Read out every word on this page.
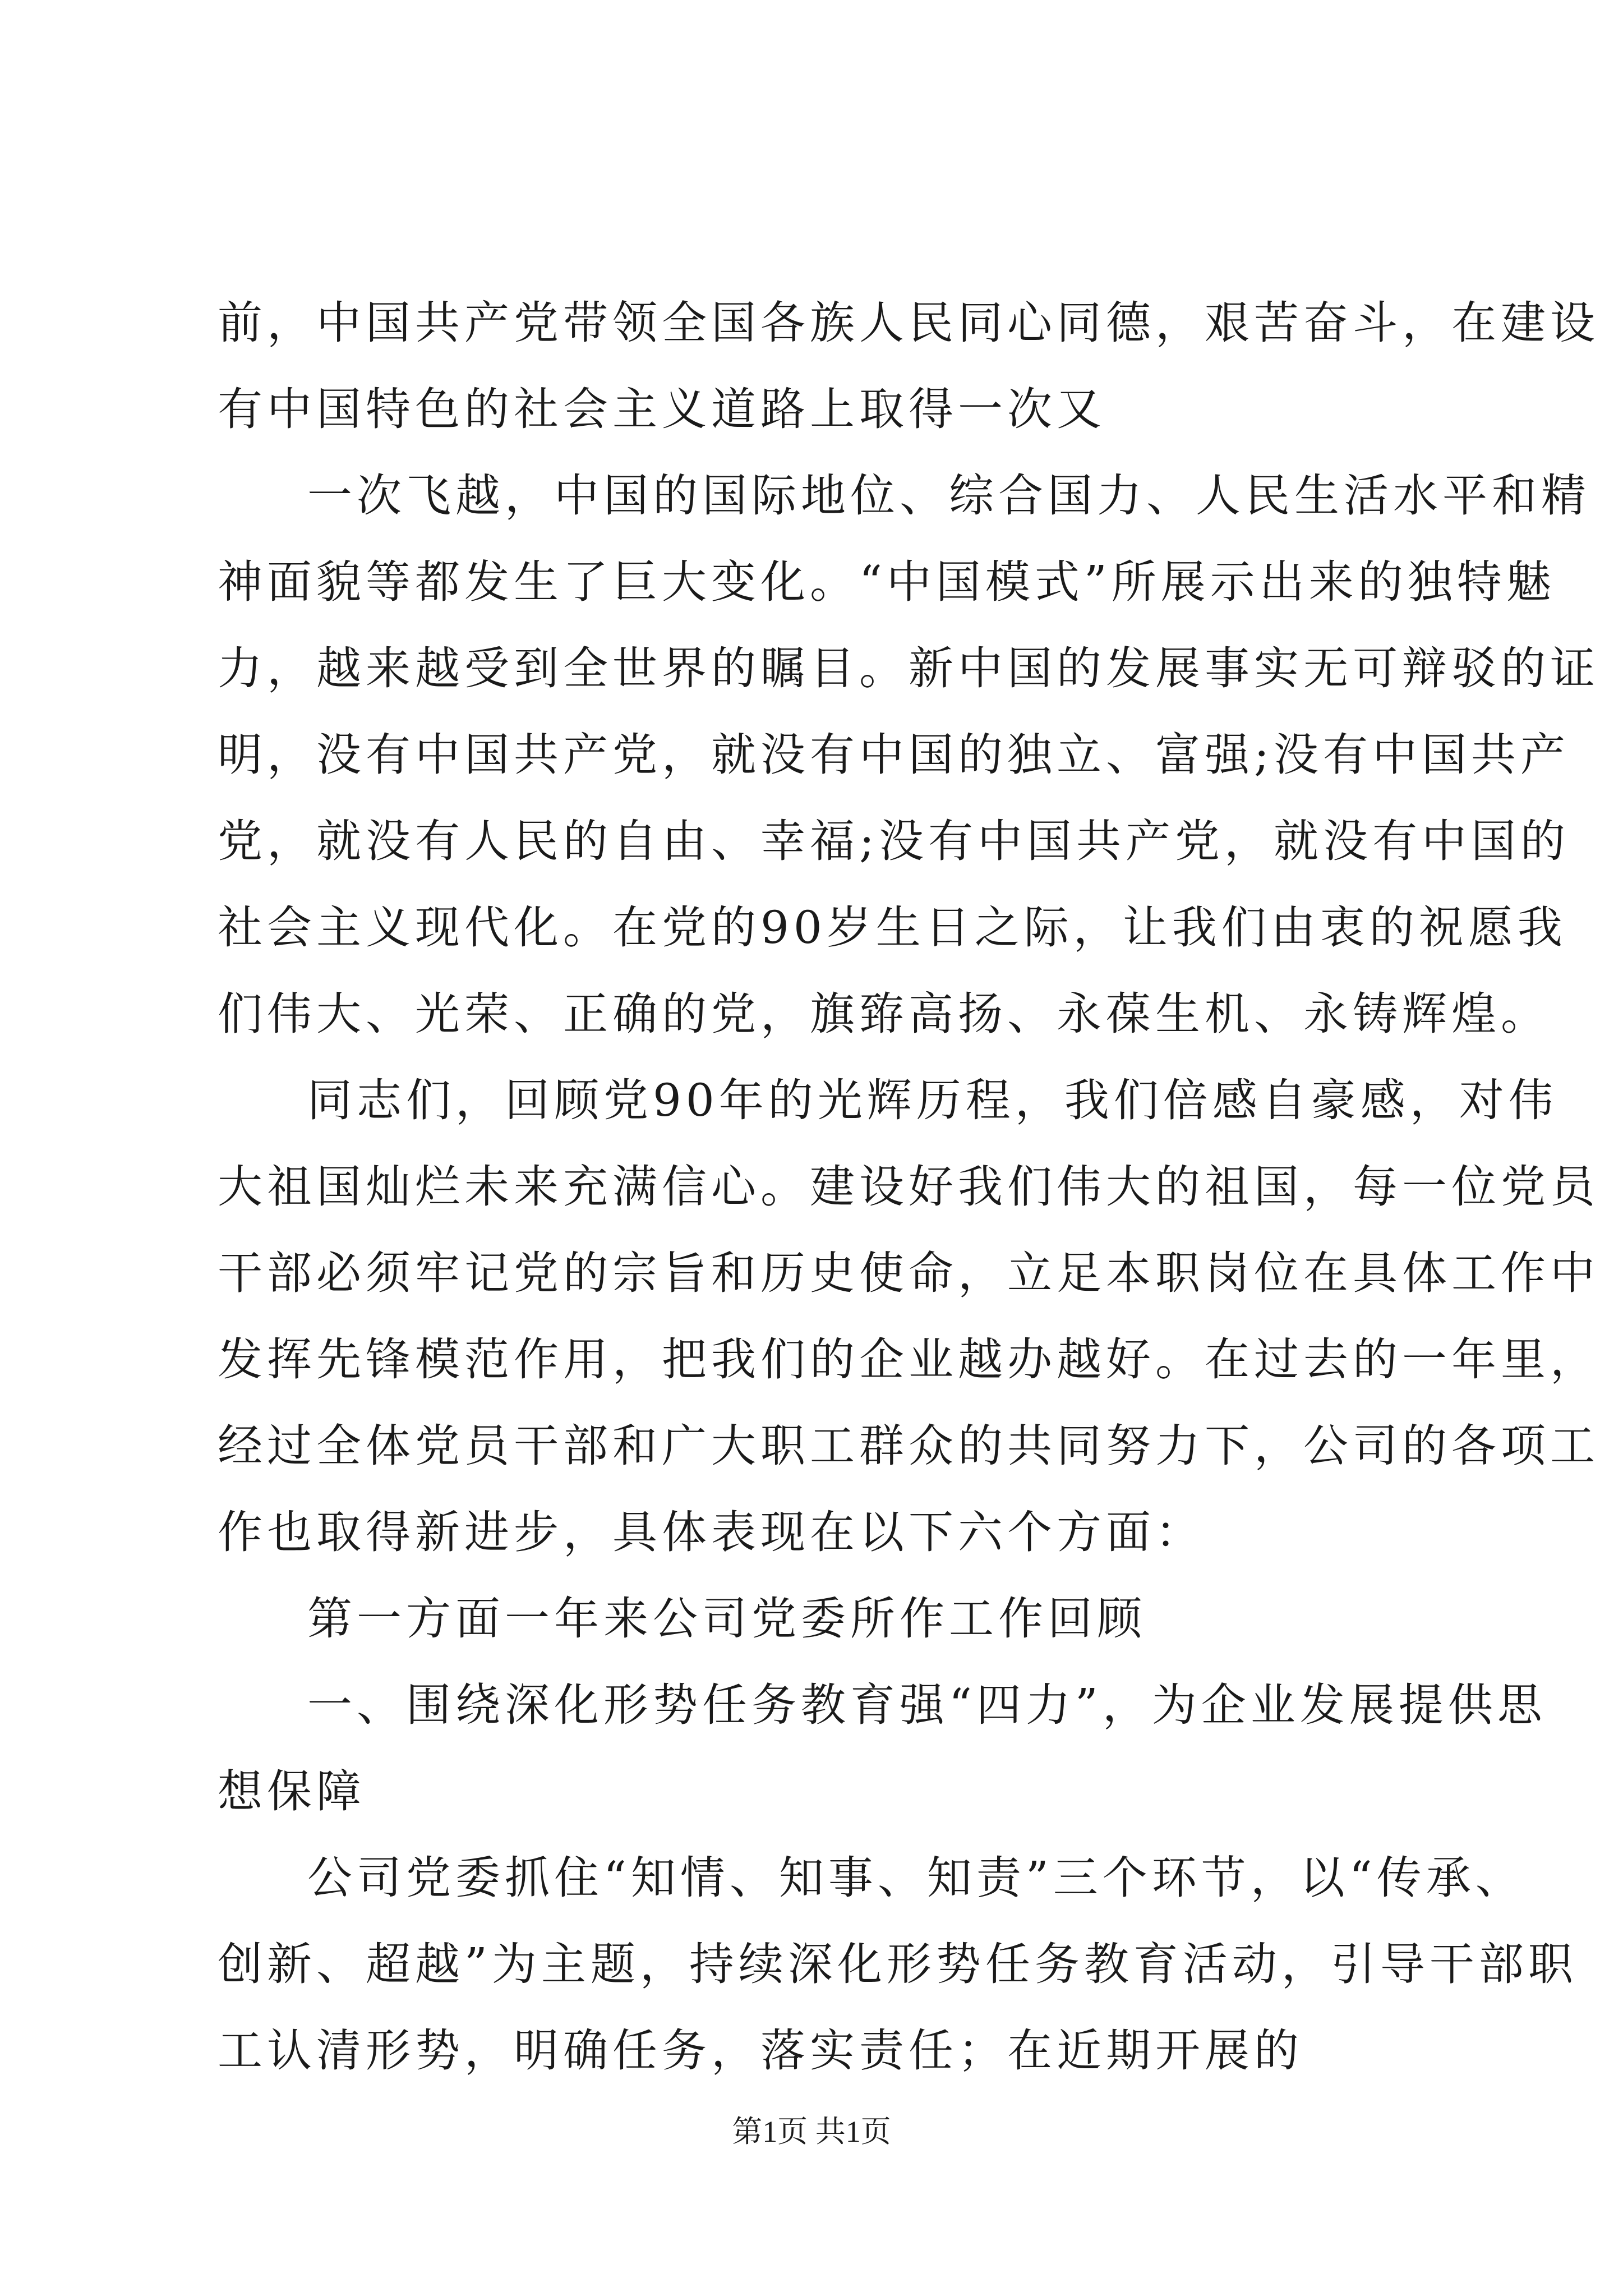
前，中国共产党带领全国各族人民同心同德，艰苦奋斗，在建设
有中国特色的社会主义道路上取得一次又
一次飞越，中国的国际地位、综合国力、人民生活水平和精
神面貌等都发生了巨大变化。“中国模式”所展示出来的独特魅
力，越来越受到全世界的瞩目。新中国的发展事实无可辩驳的证
明，没有中国共产党，就没有中国的独立、富强;没有中国共产
党，就没有人民的自由、幸福;没有中国共产党，就没有中国的
社会主义现代化。在党的90岁生日之际，让我们由衷的祝愿我
们伟大、光荣、正确的党，旗臶高扬、永葆生机、永铸辉煌。
同志们，回顾党90年的光辉历程，我们倍感自豪感，对伟
大祖国灿烂未来充满信心。建设好我们伟大的祖国，每一位党员
干部必须牢记党的宗旨和历史使命，立足本职岗位在具体工作中
发挥先锋模范作用，把我们的企业越办越好。在过去的一年里，
经过全体党员干部和广大职工群众的共同努力下，公司的各项工
作也取得新进步，具体表现在以下六个方面：
第一方面一年来公司党委所作工作回顾
一、围绕深化形势任务教育强“四力”，为企业发展提供思
想保障
公司党委抓住“知情、知事、知责”三个环节，以“传承、
创新、超越”为主题，持续深化形势任务教育活动，引导干部职
工认清形势，明确任务，落实责任；在近期开展的
第1页 共1页
